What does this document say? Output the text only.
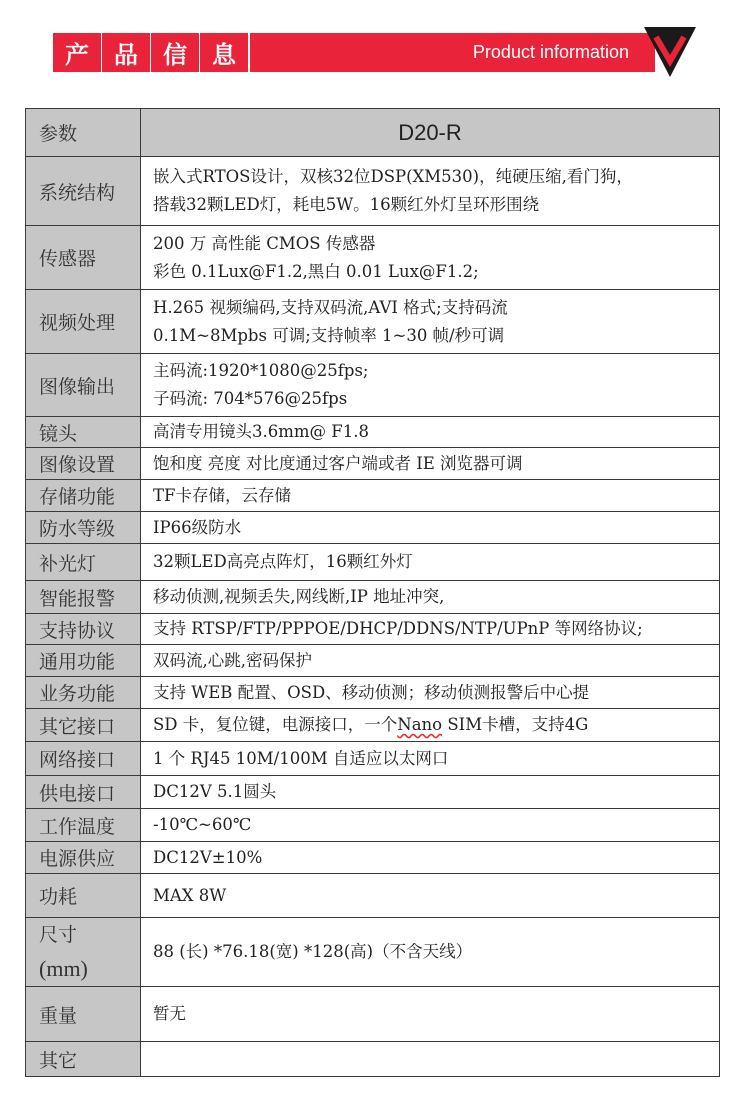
产	品	信	息	Product information
参数	D20-R
系统结构	嵌入式RTOS设计，双核32位DSP(XM530)，纯硬压缩,看门狗，
搭载32颗LED灯，耗电5W。16颗红外灯呈环形围绕

传感器	200 万 高性能 CMOS 传感器
彩色 0.1Lux@F1.2,黑白 0.01 Lux@F1.2;

视频处理	H.265 视频编码,支持双码流,AVI 格式;支持码流
0.1M~8Mpbs 可调;支持帧率 1~30 帧/秒可调

图像输出	主码流:1920*1080@25fps;
子码流: 704*576@25fps

镜头	高清专用镜头3.6mm@ F1.8
图像设置	饱和度 亮度 对比度通过客户端或者 IE 浏览器可调
存储功能	TF卡存储，云存储
防水等级	IP66级防水
补光灯	32颗LED高亮点阵灯，16颗红外灯
智能报警	移动侦测,视频丢失,网线断,IP 地址冲突,
支持协议	支持 RTSP/FTP/PPPOE/DHCP/DDNS/NTP/UPnP 等网络协议;
通用功能	双码流,心跳,密码保护
业务功能	支持 WEB 配置、OSD、移动侦测；移动侦测报警后中心提
其它接口	SD 卡，复位键，电源接口，一个Nano SIM卡槽，支持4G
网络接口	1 个 RJ45 10M/100M 自适应以太网口
供电接口	DC12V 5.1圆头
工作温度	-10℃~60℃
电源供应	DC12V±10%
功耗	MAX 8W

尺寸
(mm)	88 (长) *76.18(宽) *128(高)（不含天线）
重量	暂无
其它	
